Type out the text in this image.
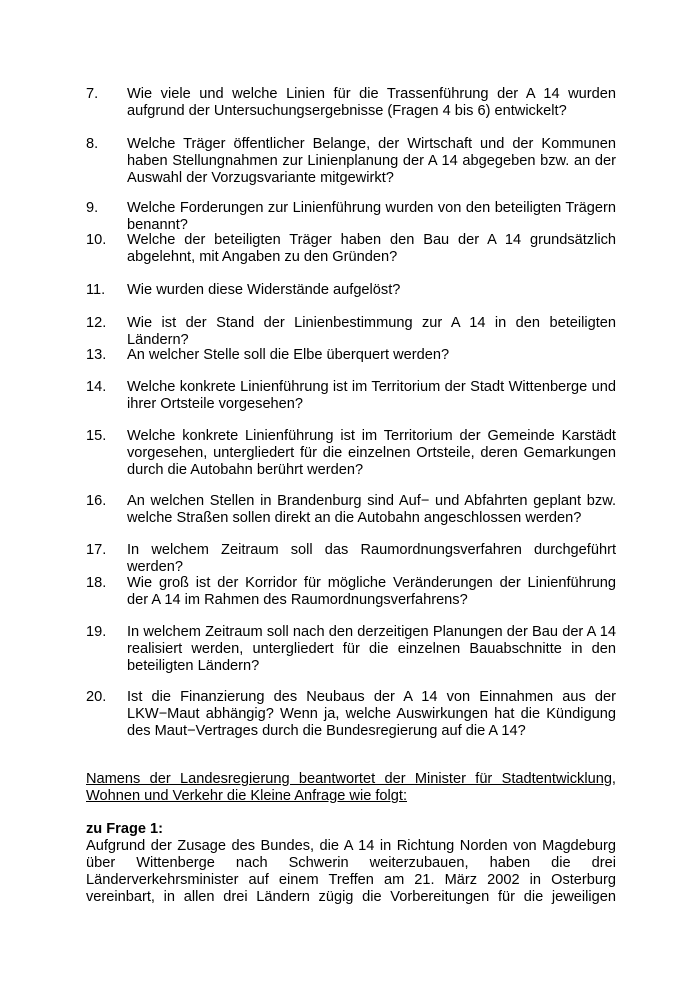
7.	Wie viele und welche Linien für die Trassenführung der A 14 wurden aufgrund der Untersuchungsergebnisse (Fragen 4 bis 6) entwickelt?
8.	Welche Träger öffentlicher Belange, der Wirtschaft und der Kommunen haben Stellungnahmen zur Linienplanung der A 14 abgegeben bzw. an der Auswahl der Vorzugsvariante mitgewirkt?
9.	Welche Forderungen zur Linienführung wurden von den beteiligten Trägern benannt?
10.	Welche der beteiligten Träger haben den Bau der A 14 grundsätzlich abgelehnt, mit Angaben zu den Gründen?
11.	Wie wurden diese Widerstände aufgelöst?
12.	Wie ist der Stand der Linienbestimmung zur A 14 in den beteiligten Ländern?
13.	An welcher Stelle soll die Elbe überquert werden?
14.	Welche konkrete Linienführung ist im Territorium der Stadt Wittenberge und ihrer Ortsteile vorgesehen?
15.	Welche konkrete Linienführung ist im Territorium der Gemeinde Karstädt vorgesehen, untergliedert für die einzelnen Ortsteile, deren Gemarkungen durch die Autobahn berührt werden?
16.	An welchen Stellen in Brandenburg sind Auf− und Abfahrten geplant bzw. welche Straßen sollen direkt an die Autobahn angeschlossen werden?
17.	In welchem Zeitraum soll das Raumordnungsverfahren durchgeführt werden?
18.	Wie groß ist der Korridor für mögliche Veränderungen der Linienführung der A 14 im Rahmen des Raumordnungsverfahrens?
19.	In welchem Zeitraum soll nach den derzeitigen Planungen der Bau der A 14 realisiert werden, untergliedert für die einzelnen Bauabschnitte in den beteiligten Ländern?
20.	Ist die Finanzierung des Neubaus der A 14 von Einnahmen aus der LKW−Maut abhängig? Wenn ja, welche Auswirkungen hat die Kündigung des Maut−Vertrages durch die Bundesregierung auf die A 14?
Namens der Landesregierung beantwortet der Minister für Stadtentwicklung, Wohnen und Verkehr die Kleine Anfrage wie folgt:
zu Frage 1:
Aufgrund der Zusage des Bundes, die A 14 in Richtung Norden von Magdeburg
über Wittenberge nach Schwerin weiterzubauen, haben die drei
Länderverkehrsminister auf einem Treffen am 21. März 2002 in Osterburg
vereinbart, in allen drei Ländern zügig die Vorbereitungen für die jeweiligen
